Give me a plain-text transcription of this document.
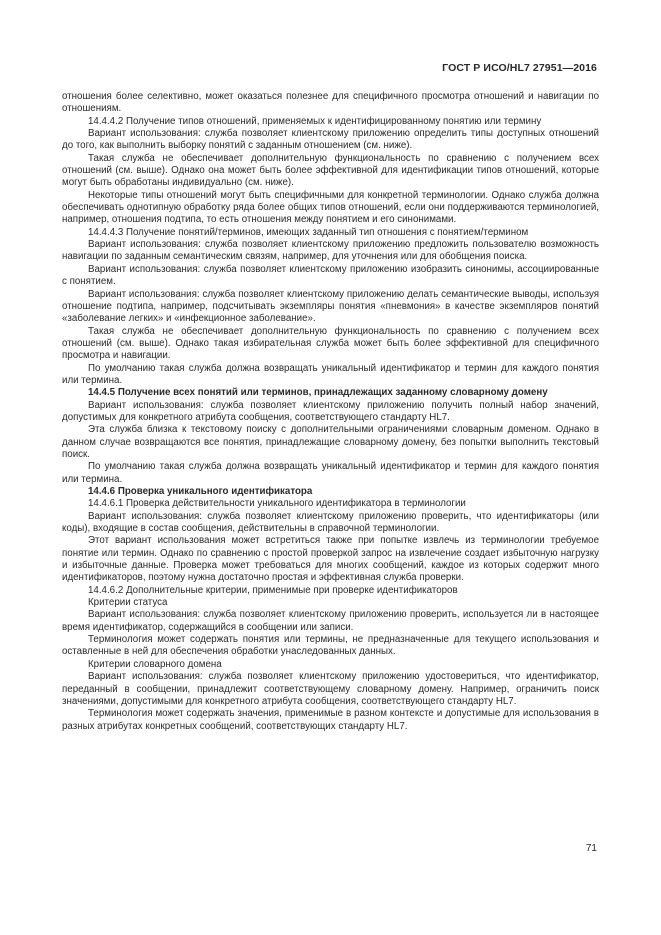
ГОСТ Р ИСО/HL7 27951—2016

отношения более селективно, может оказаться полезнее для специфичного просмотра отношений и навигации по отношениям.

14.4.4.2 Получение типов отношений, применяемых к идентифицированному понятию или термину

Вариант использования: служба позволяет клиентскому приложению определить типы доступных отношений до того, как выполнить выборку понятий с заданным отношением (см. ниже).

Такая служба не обеспечивает дополнительную функциональность по сравнению с получением всех отношений (см. выше). Однако она может быть более эффективной для идентификации типов отношений, которые могут быть обработаны индивидуально (см. ниже).

Некоторые типы отношений могут быть специфичными для конкретной терминологии. Однако служба должна обеспечивать однотипную обработку ряда более общих типов отношений, если они поддерживаются терминологией, например, отношения подтипа, то есть отношения между понятием и его синонимами.

14.4.4.3 Получение понятий/терминов, имеющих заданный тип отношения с понятием/термином

Вариант использования: служба позволяет клиентскому приложению предложить пользователю возможность навигации по заданным семантическим связям, например, для уточнения или для обобщения поиска.

Вариант использования: служба позволяет клиентскому приложению изобразить синонимы, ассоциированные с понятием.

Вариант использования: служба позволяет клиентскому приложению делать семантические выводы, используя отношение подтипа, например, подсчитывать экземпляры понятия «пневмония» в качестве экземпляров понятий «заболевание легких» и «инфекционное заболевание».

Такая служба не обеспечивает дополнительную функциональность по сравнению с получением всех отношений (см. выше). Однако такая избирательная служба может быть более эффективной для специфичного просмотра и навигации.

По умолчанию такая служба должна возвращать уникальный идентификатор и термин для каждого понятия или термина.

14.4.5 Получение всех понятий или терминов, принадлежащих заданному словарному домену

Вариант использования: служба позволяет клиентскому приложению получить полный набор значений, допустимых для конкретного атрибута сообщения, соответствующего стандарту HL7.

Эта служба близка к текстовому поиску с дополнительными ограничениями словарным доменом. Однако в данном случае возвращаются все понятия, принадлежащие словарному домену, без попытки выполнить текстовый поиск.

По умолчанию такая служба должна возвращать уникальный идентификатор и термин для каждого понятия или термина.

14.4.6 Проверка уникального идентификатора

14.4.6.1 Проверка действительности уникального идентификатора в терминологии

Вариант использования: служба позволяет клиентскому приложению проверить, что идентификаторы (или коды), входящие в состав сообщения, действительны в справочной терминологии.

Этот вариант использования может встретиться также при попытке извлечь из терминологии требуемое понятие или термин. Однако по сравнению с простой проверкой запрос на извлечение создает избыточную нагрузку и избыточные данные. Проверка может требоваться для многих сообщений, каждое из которых содержит много идентификаторов, поэтому нужна достаточно простая и эффективная служба проверки.

14.4.6.2 Дополнительные критерии, применимые при проверке идентификаторов

Критерии статуса

Вариант использования: служба позволяет клиентскому приложению проверить, используется ли в настоящее время идентификатор, содержащийся в сообщении или записи.

Терминология может содержать понятия или термины, не предназначенные для текущего использования и оставленные в ней для обеспечения обработки унаследованных данных.

Критерии словарного домена

Вариант использования: служба позволяет клиентскому приложению удостовериться, что идентификатор, переданный в сообщении, принадлежит соответствующему словарному домену. Например, ограничить поиск значениями, допустимыми для конкретного атрибута сообщения, соответствующего стандарту HL7.

Терминология может содержать значения, применимые в разном контексте и допустимые для использования в разных атрибутах конкретных сообщений, соответствующих стандарту HL7.

71
